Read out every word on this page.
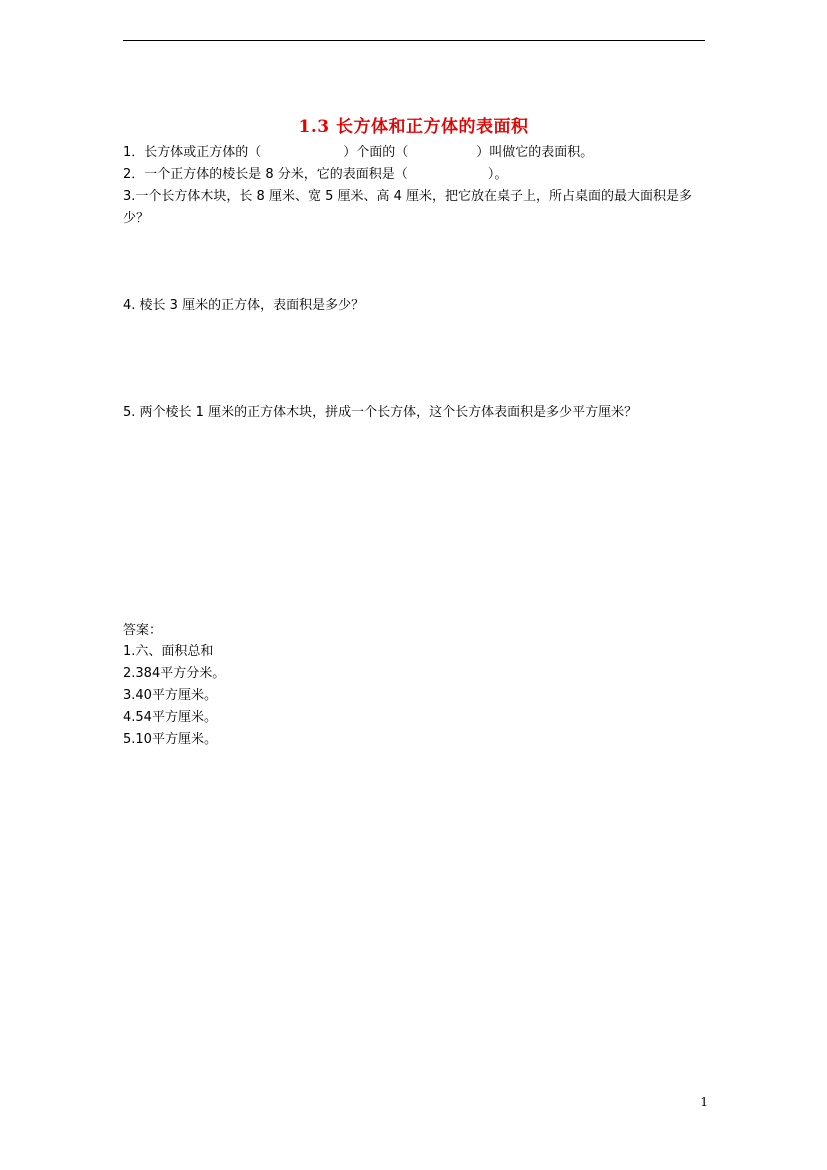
1.3 长方体和正方体的表面积
1．长方体或正方体的（	）个面的（	）叫做它的表面积。
2．一个正方体的棱长是 8 分米，它的表面积是（	）。
3.一个长方体木块，长 8 厘米、宽 5 厘米、高 4 厘米，把它放在桌子上，所占桌面的最大面积是多少？
4. 棱长 3 厘米的正方体，表面积是多少？
5. 两个棱长 1 厘米的正方体木块，拼成一个长方体，这个长方体表面积是多少平方厘米？
答案：
1.六、面积总和
2.384平方分米。
3.40平方厘米。
4.54平方厘米。
5.10平方厘米。
1
